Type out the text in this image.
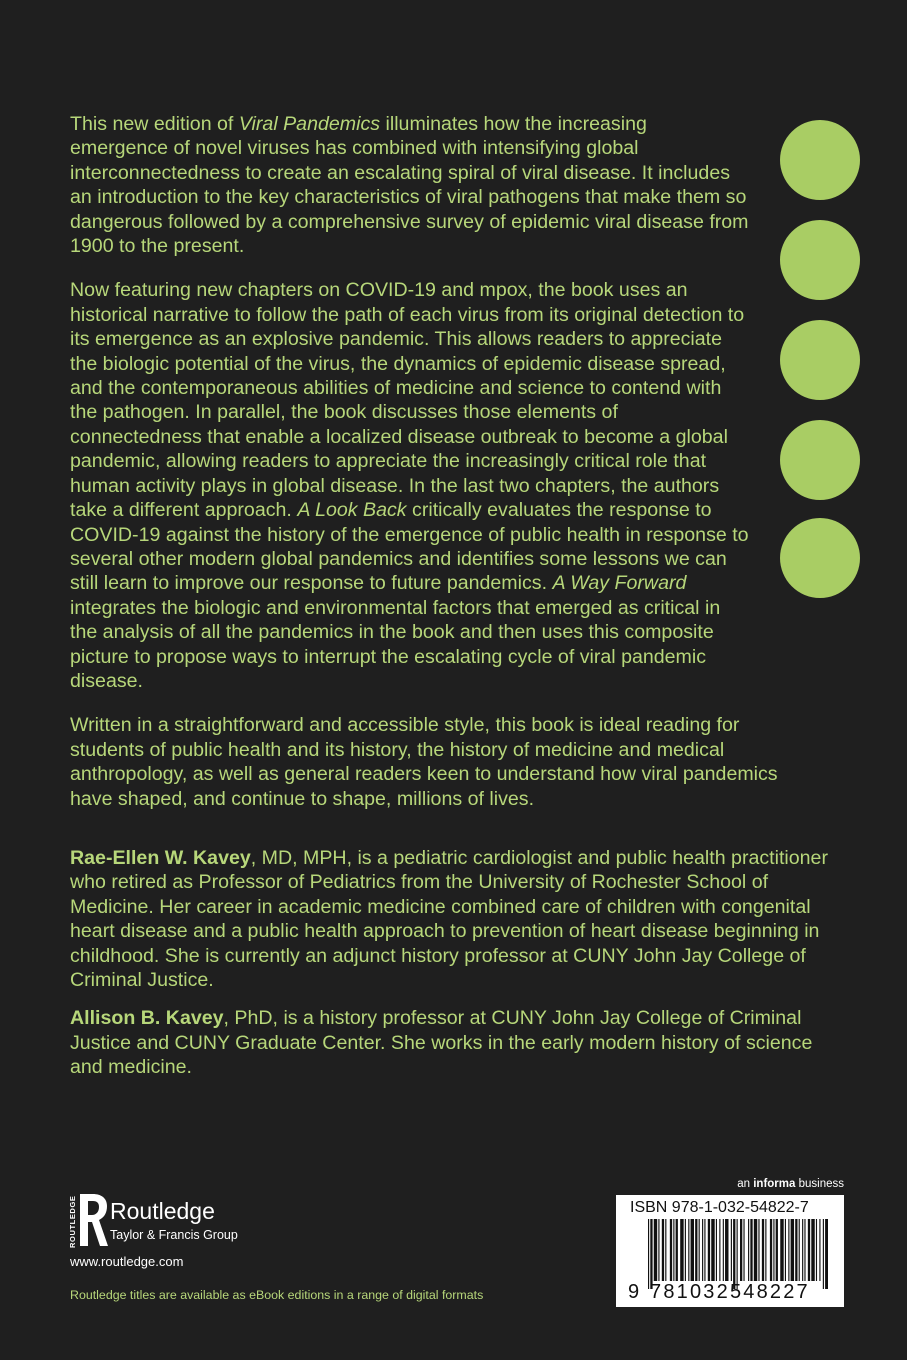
This new edition of Viral Pandemics illuminates how the increasing emergence of novel viruses has combined with intensifying global interconnectedness to create an escalating spiral of viral disease. It includes an introduction to the key characteristics of viral pathogens that make them so dangerous followed by a comprehensive survey of epidemic viral disease from 1900 to the present.

Now featuring new chapters on COVID-19 and mpox, the book uses an historical narrative to follow the path of each virus from its original detection to its emergence as an explosive pandemic. This allows readers to appreciate the biologic potential of the virus, the dynamics of epidemic disease spread, and the contemporaneous abilities of medicine and science to contend with the pathogen. In parallel, the book discusses those elements of connectedness that enable a localized disease outbreak to become a global pandemic, allowing readers to appreciate the increasingly critical role that human activity plays in global disease. In the last two chapters, the authors take a different approach. A Look Back critically evaluates the response to COVID-19 against the history of the emergence of public health in response to several other modern global pandemics and identifies some lessons we can still learn to improve our response to future pandemics. A Way Forward integrates the biologic and environmental factors that emerged as critical in the analysis of all the pandemics in the book and then uses this composite picture to propose ways to interrupt the escalating cycle of viral pandemic disease.

Written in a straightforward and accessible style, this book is ideal reading for students of public health and its history, the history of medicine and medical anthropology, as well as general readers keen to understand how viral pandemics have shaped, and continue to shape, millions of lives.

Rae-Ellen W. Kavey, MD, MPH, is a pediatric cardiologist and public health practitioner who retired as Professor of Pediatrics from the University of Rochester School of Medicine. Her career in academic medicine combined care of children with congenital heart disease and a public health approach to prevention of heart disease beginning in childhood. She is currently an adjunct history professor at CUNY John Jay College of Criminal Justice.

Allison B. Kavey, PhD, is a history professor at CUNY John Jay College of Criminal Justice and CUNY Graduate Center. She works in the early modern history of science and medicine.

ROUTLEDGE Routledge
Taylor & Francis Group
www.routledge.com
Routledge titles are available as eBook editions in a range of digital formats
an informa business
ISBN 978-1-032-54822-7
9 781032548227
